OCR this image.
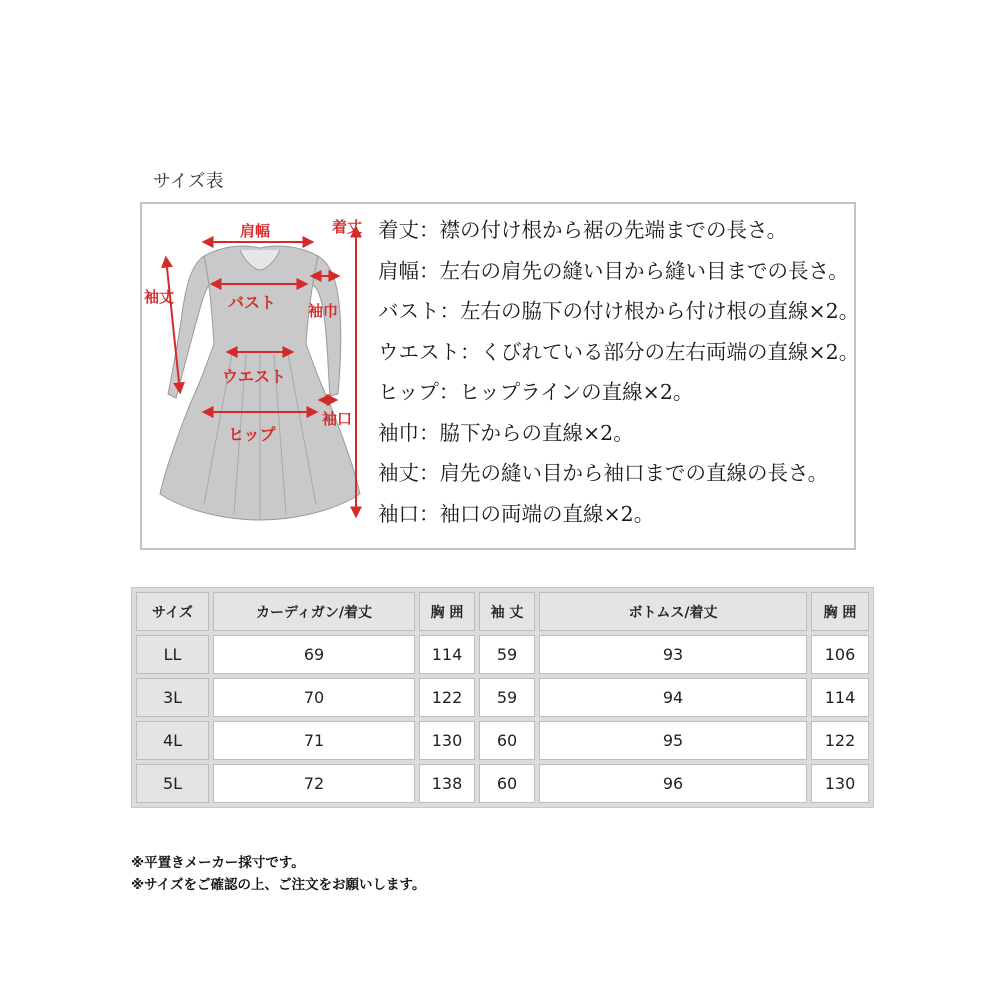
サイズ表
肩幅	着丈
袖丈	バスト 袖巾
ウエスト
袖口
ヒップ
着丈：襟の付け根から裾の先端までの長さ。
肩幅：左右の肩先の縫い目から縫い目までの長さ。
バスト：左右の脇下の付け根から付け根の直線×2。
ウエスト：くびれている部分の左右両端の直線×2。
ヒップ：ヒップラインの直線×2。
袖巾：脇下からの直線×2。
袖丈：肩先の縫い目から袖口までの直線の長さ。
袖口：袖口の両端の直線×2。
サイズ	カーディガン/着丈	胸 囲	袖 丈	ボトムス/着丈	胸 囲
LL	69	114	59	93	106
3L	70	122	59	94	114
4L	71	130	60	95	122
5L	72	138	60	96	130
※平置きメーカー採寸です。
※サイズをご確認の上、ご注文をお願いします。
